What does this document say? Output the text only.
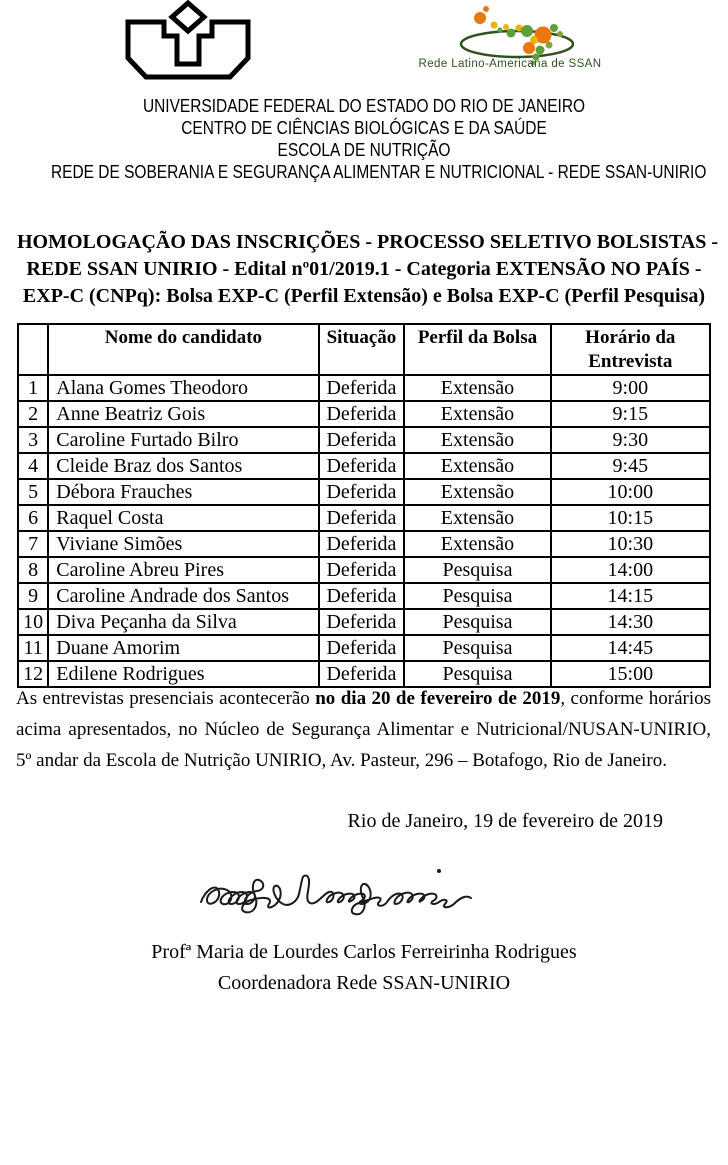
Rede Latino-Americana de SSAN
UNIVERSIDADE FEDERAL DO ESTADO DO RIO DE JANEIRO
CENTRO DE CIÊNCIAS BIOLÓGICAS E DA SAÚDE
ESCOLA DE NUTRIÇÃO
REDE DE SOBERANIA E SEGURANÇA ALIMENTAR E NUTRICIONAL - REDE SSAN-UNIRIO
HOMOLOGAÇÃO DAS INSCRIÇÕES - PROCESSO SELETIVO BOLSISTAS -
REDE SSAN UNIRIO - Edital nº01/2019.1 - Categoria EXTENSÃO NO PAÍS -
EXP-C (CNPq): Bolsa EXP-C (Perfil Extensão) e Bolsa EXP-C (Perfil Pesquisa)
	Nome do candidato	Situação	Perfil da Bolsa	Horário da Entrevista
1	Alana Gomes Theodoro	Deferida	Extensão	9:00
2	Anne Beatriz Gois	Deferida	Extensão	9:15
3	Caroline Furtado Bilro	Deferida	Extensão	9:30
4	Cleide Braz dos Santos	Deferida	Extensão	9:45
5	Débora Frauches	Deferida	Extensão	10:00
6	Raquel Costa	Deferida	Extensão	10:15
7	Viviane Simões	Deferida	Extensão	10:30
8	Caroline Abreu Pires	Deferida	Pesquisa	14:00
9	Caroline Andrade dos Santos	Deferida	Pesquisa	14:15
10	Diva Peçanha da Silva	Deferida	Pesquisa	14:30
11	Duane Amorim	Deferida	Pesquisa	14:45
12	Edilene Rodrigues	Deferida	Pesquisa	15:00
As entrevistas presenciais acontecerão no dia 20 de fevereiro de 2019, conforme horários acima apresentados, no Núcleo de Segurança Alimentar e Nutricional/NUSAN-UNIRIO, 5º andar da Escola de Nutrição UNIRIO, Av. Pasteur, 296 – Botafogo, Rio de Janeiro.
Rio de Janeiro, 19 de fevereiro de 2019
Profª Maria de Lourdes Carlos Ferreirinha Rodrigues
Coordenadora Rede SSAN-UNIRIO
